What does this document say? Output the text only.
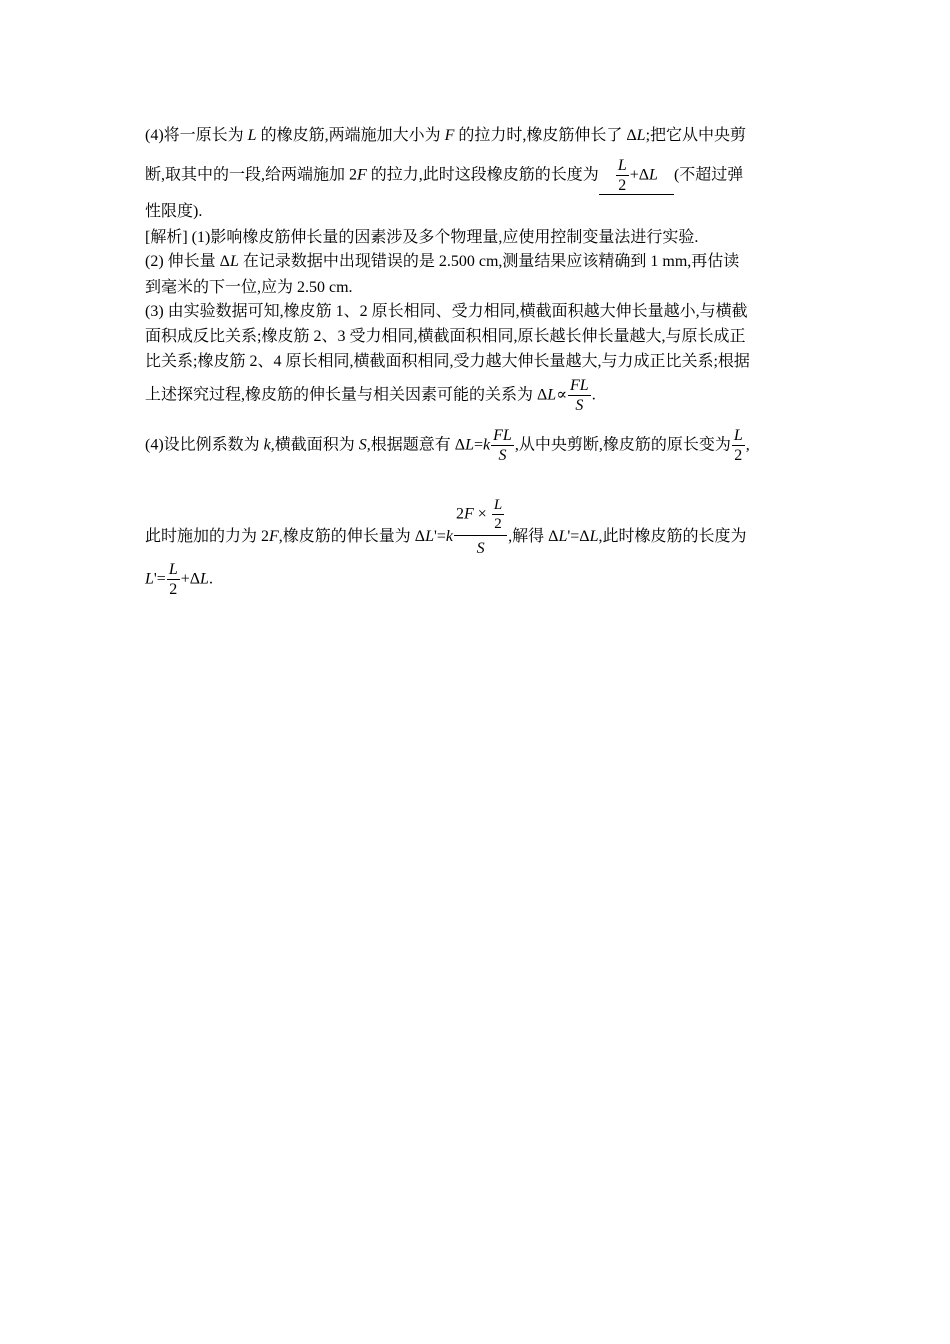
(4)将一原长为 L 的橡皮筋,两端施加大小为 F 的拉力时,橡皮筋伸长了 ΔL;把它从中央剪
断,取其中的一段,给两端施加 2F 的拉力,此时这段橡皮筋的长度为 $\frac{L}{2} +\Delta L$ (不超过弹
性限度).
[解析] (1)影响橡皮筋伸长量的因素涉及多个物理量,应使用控制变量法进行实验.
(2) 伸长量 ΔL 在记录数据中出现错误的是 2.500 cm,测量结果应该精确到 1 mm,再估读
到毫米的下一位,应为 2.50 cm.
(3) 由实验数据可知,橡皮筋 1、2 原长相同、受力相同,横截面积越大伸长量越小,与横截
面积成反比关系;橡皮筋 2、3 受力相同,横截面积相同,原长越长伸长量越大,与原长成正
比关系;橡皮筋 2、4 原长相同,横截面积相同,受力越大伸长量越大,与力成正比关系;根据
上述探究过程,橡皮筋的伸长量与相关因素可能的关系为 $\Delta L\propto \frac{FL}{S}$ .
(4)设比例系数为 k,横截面积为 S,根据题意有 $\Delta L=k \frac{FL}{S}$ ,从中央剪断,橡皮筋的原长变为 $\frac{L}{2}$ ,
此时施加的力为 2F,橡皮筋的伸长量为 $\Delta L'=k \frac{2F \times \frac{L}{2}}{S}$ ,解得 ΔL'=ΔL,此时橡皮筋的长度为
$L'= \frac{L}{2} +\Delta L$.
